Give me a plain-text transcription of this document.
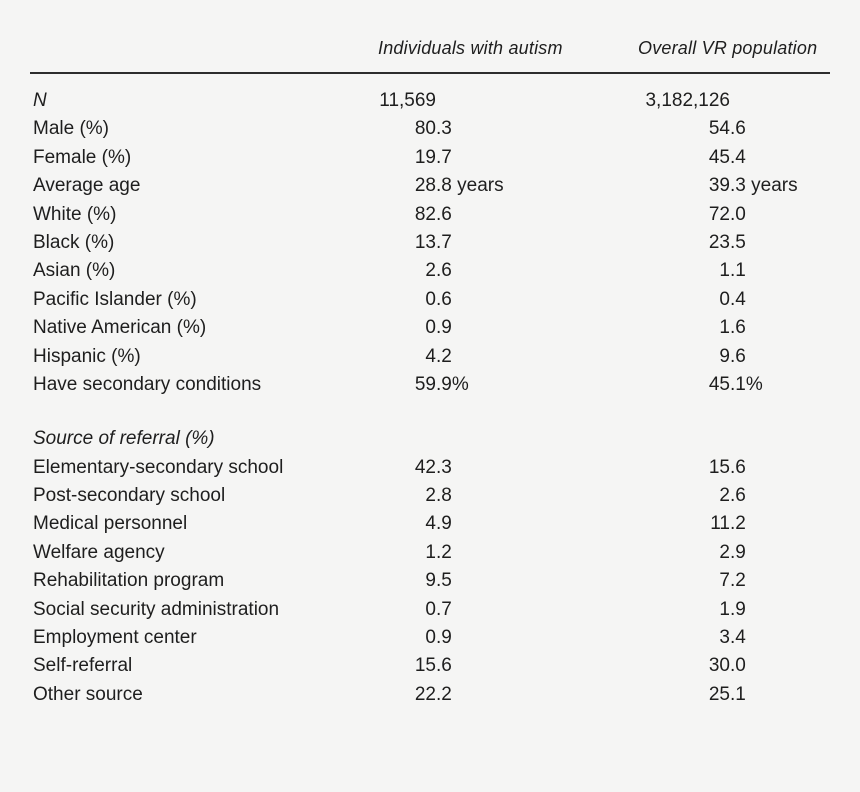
Individuals with autism	Overall VR population
N	11,569	3,182,126
Male (%)	80 .3	54 .6
Female (%)	19 .7	45 .4
Average age	28 .8 years	39 .3 years
White (%)	82 .6	72 .0
Black (%)	13 .7	23 .5
Asian (%)	2 .6	1 .1
Pacific Islander (%)	0 .6	0 .4
Native American (%)	0 .9	1 .6
Hispanic (%)	4 .2	9 .6
Have secondary conditions	59 .9%	45 .1%
Source of referral (%)
Elementary-secondary school	42 .3	15 .6
Post-secondary school	2 .8	2 .6
Medical personnel	4 .9	11 .2
Welfare agency	1 .2	2 .9
Rehabilitation program	9 .5	7 .2
Social security administration	0 .7	1 .9
Employment center	0 .9	3 .4
Self-referral	15 .6	30 .0
Other source	22 .2	25 .1
